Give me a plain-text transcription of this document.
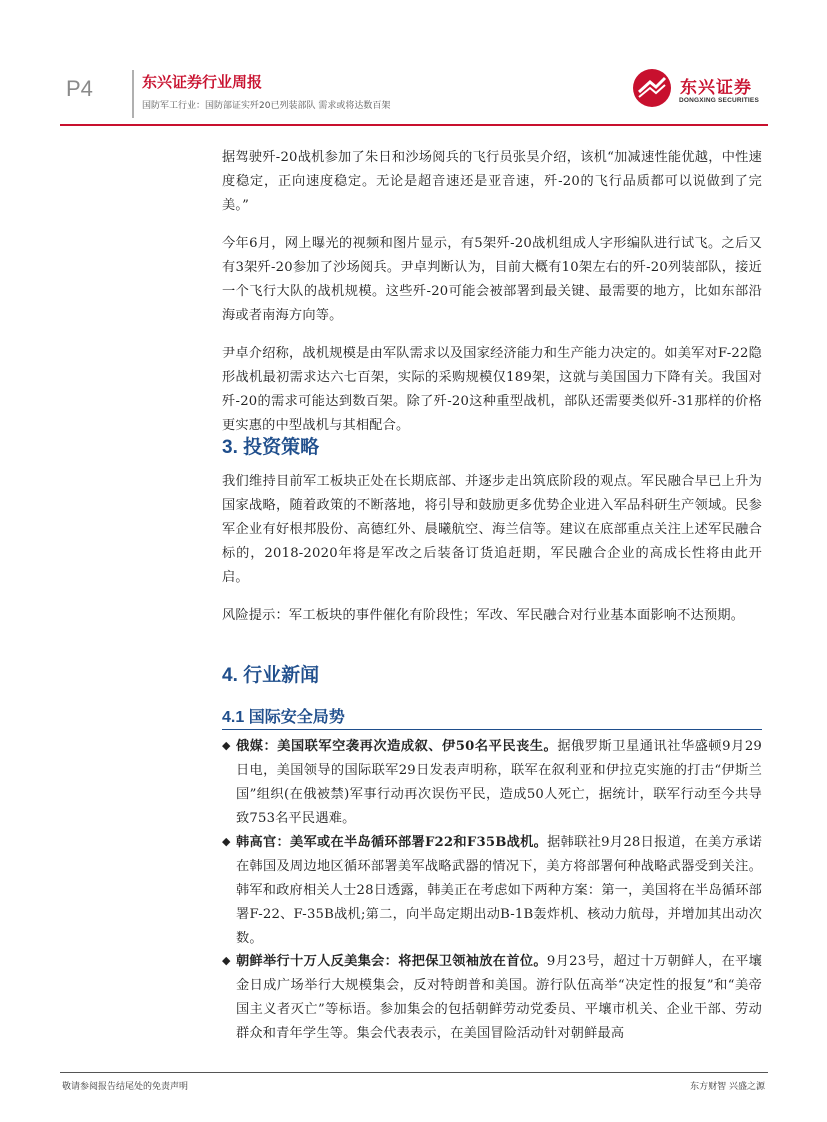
P4	东兴证券行业周报
国防军工行业：国防部证实歼20已列装部队 需求或将达数百架
东兴证券
DONGXING SECURITIES

据驾驶歼-20战机参加了朱日和沙场阅兵的飞行员张昊介绍，该机“加减速性能优越，中性速度稳定，正向速度稳定。无论是超音速还是亚音速，歼-20的飞行品质都可以说做到了完美。”

今年6月，网上曝光的视频和图片显示，有5架歼-20战机组成人字形编队进行试飞。之后又有3架歼-20参加了沙场阅兵。尹卓判断认为，目前大概有10架左右的歼-20列装部队，接近一个飞行大队的战机规模。这些歼-20可能会被部署到最关键、最需要的地方，比如东部沿海或者南海方向等。

尹卓介绍称，战机规模是由军队需求以及国家经济能力和生产能力决定的。如美军对F-22隐形战机最初需求达六七百架，实际的采购规模仅189架，这就与美国国力下降有关。我国对歼-20的需求可能达到数百架。除了歼-20这种重型战机，部队还需要类似歼-31那样的价格更实惠的中型战机与其相配合。

3. 投资策略

我们维持目前军工板块正处在长期底部、并逐步走出筑底阶段的观点。军民融合早已上升为国家战略，随着政策的不断落地，将引导和鼓励更多优势企业进入军品科研生产领域。民参军企业有好根邦股份、高德红外、晨曦航空、海兰信等。建议在底部重点关注上述军民融合标的，2018-2020年将是军改之后装备订货追赶期，军民融合企业的高成长性将由此开启。

风险提示：军工板块的事件催化有阶段性；军改、军民融合对行业基本面影响不达预期。

4. 行业新闻
4.1 国际安全局势
◆ 俄媒：美国联军空袭再次造成叙、伊50名平民丧生。据俄罗斯卫星通讯社华盛顿9月29日电，美国领导的国际联军29日发表声明称，联军在叙利亚和伊拉克实施的打击“伊斯兰国”组织(在俄被禁)军事行动再次误伤平民，造成50人死亡，据统计，联军行动至今共导致753名平民遇难。

◆ 韩高官：美军或在半岛循环部署F22和F35B战机。据韩联社9月28日报道，在美方承诺在韩国及周边地区循环部署美军战略武器的情况下，美方将部署何种战略武器受到关注。韩军和政府相关人士28日透露，韩美正在考虑如下两种方案：第一，美国将在半岛循环部署F-22、F-35B战机;第二，向半岛定期出动B-1B轰炸机、核动力航母，并增加其出动次数。

◆ 朝鲜举行十万人反美集会：将把保卫领袖放在首位。9月23号，超过十万朝鲜人，在平壤金日成广场举行大规模集会，反对特朗普和美国。游行队伍高举“决定性的报复”和“美帝国主义者灭亡”等标语。参加集会的包括朝鲜劳动党委员、平壤市机关、企业干部、劳动群众和青年学生等。集会代表表示，在美国冒险活动针对朝鲜最高

敬请参阅报告结尾处的免责声明	东方财智 兴盛之源
